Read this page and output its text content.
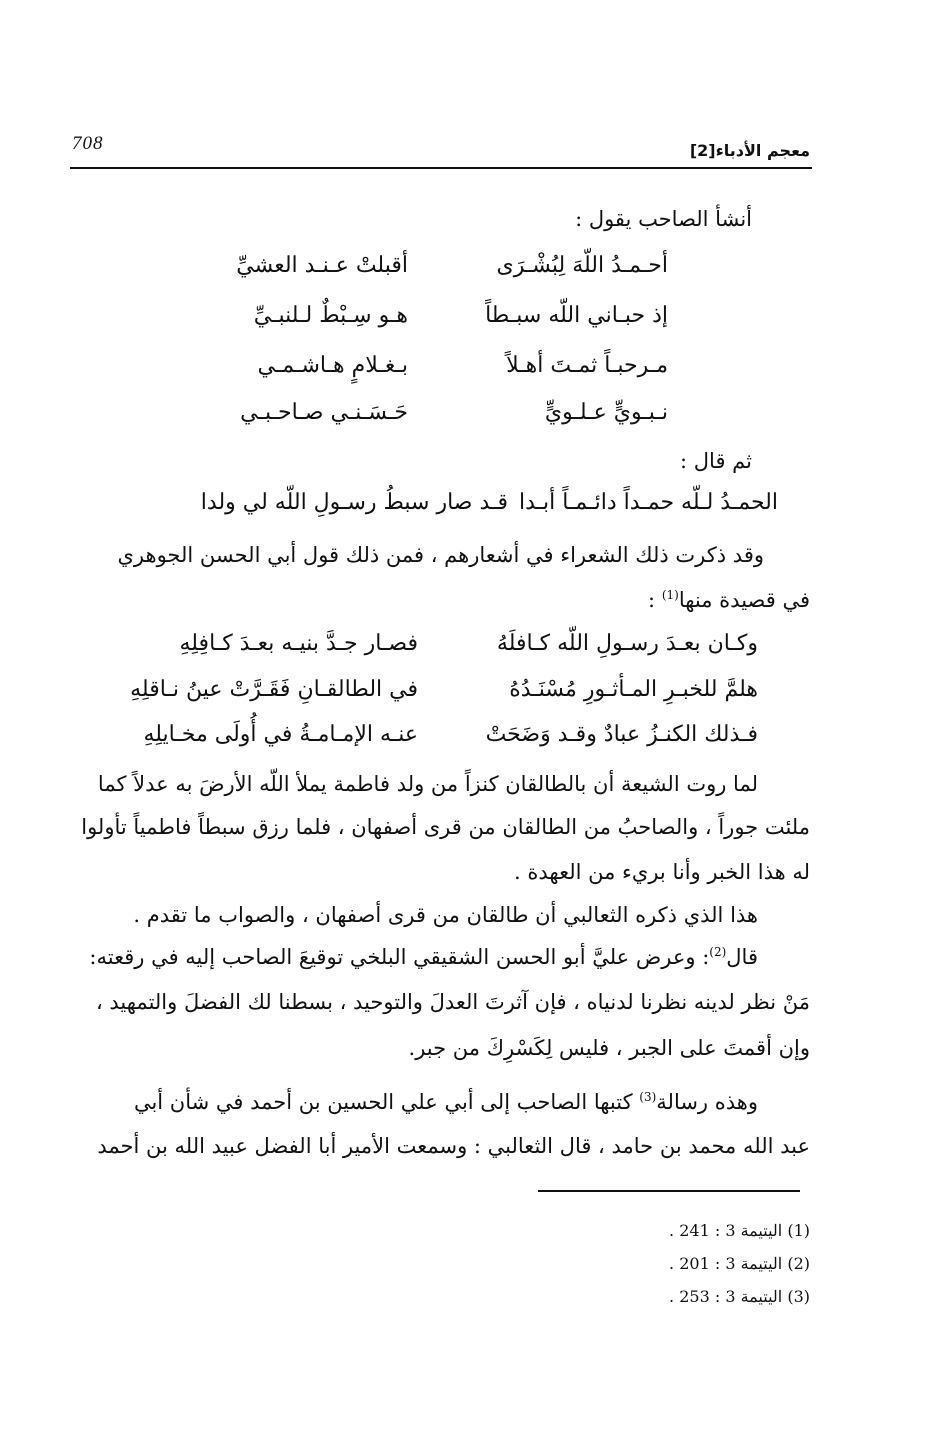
708	معجم الأدباء[2]
أنشأ الصاحب يقول :
أحـمـدُ اللّهَ لِبُشْـرَى
أقبلتْ عـنـد العشيِّ
إذ حبـاني اللّه سبـطاً
هـو سِـبْطٌ لـلنبـيِّ
مـرحبـاً ثمـتَ أهـلاً
بـغـلامٍ هـاشـمـي
نـبـويٍّ عـلـويٍّ
حَـسَـنـي صـاحـبـي
ثم قال :
الحمـدُ لـلّه حمـداً دائـمـاً أبـدا
قـد صار سبطُ رسـولِ اللّه لي ولدا
وقد ذكرت ذلك الشعراء في أشعارهم ، فمن ذلك قول أبي الحسن الجوهري
في قصيدة منها$^{(1)}$ :
وكـان بعـدَ رسـولِ اللّه كـافلَهُ
فصـار جـدَّ بنيـه بعـدَ كـافِلِهِ
هلمَّ للخبـرِ المـأثـورِ مُسْنَـدُهُ
في الطالقـانِ فَقَـرَّتْ عينُ نـاقلِهِ
فـذلك الكنـزُ عبادٌ وقـد وَضَحَتْ
عنـه الإمـامـةُ في أُولَى مخـايلِهِ
لما روت الشيعة أن بالطالقان كنزاً من ولد فاطمة يملأ اللّه الأرضَ به عدلاً كما
ملئت جوراً ، والصاحبُ من الطالقان من قرى أصفهان ، فلما رزق سبطاً فاطمياً تأولوا
له هذا الخبر وأنا بريء من العهدة .
هذا الذي ذكره الثعالبي أن طالقان من قرى أصفهان ، والصواب ما تقدم .
قال$^{(2)}$: وعرض عليَّ أبو الحسن الشقيقي البلخي توقيعَ الصاحب إليه في رقعته:
مَنْ نظر لدينه نظرنا لدنياه ، فإن آثرتَ العدلَ والتوحيد ، بسطنا لك الفضلَ والتمهيد ،
وإن أقمتَ على الجبر ، فليس لِكَسْرِكَ من جبر.
وهذه رسالة$^{(3)}$ كتبها الصاحب إلى أبي علي الحسين بن أحمد في شأن أبي
عبد الله محمد بن حامد ، قال الثعالبي : وسمعت الأمير أبا الفضل عبيد الله بن أحمد
(1) اليتيمة 3 : 241 .
(2) اليتيمة 3 : 201 .
(3) اليتيمة 3 : 253 .
